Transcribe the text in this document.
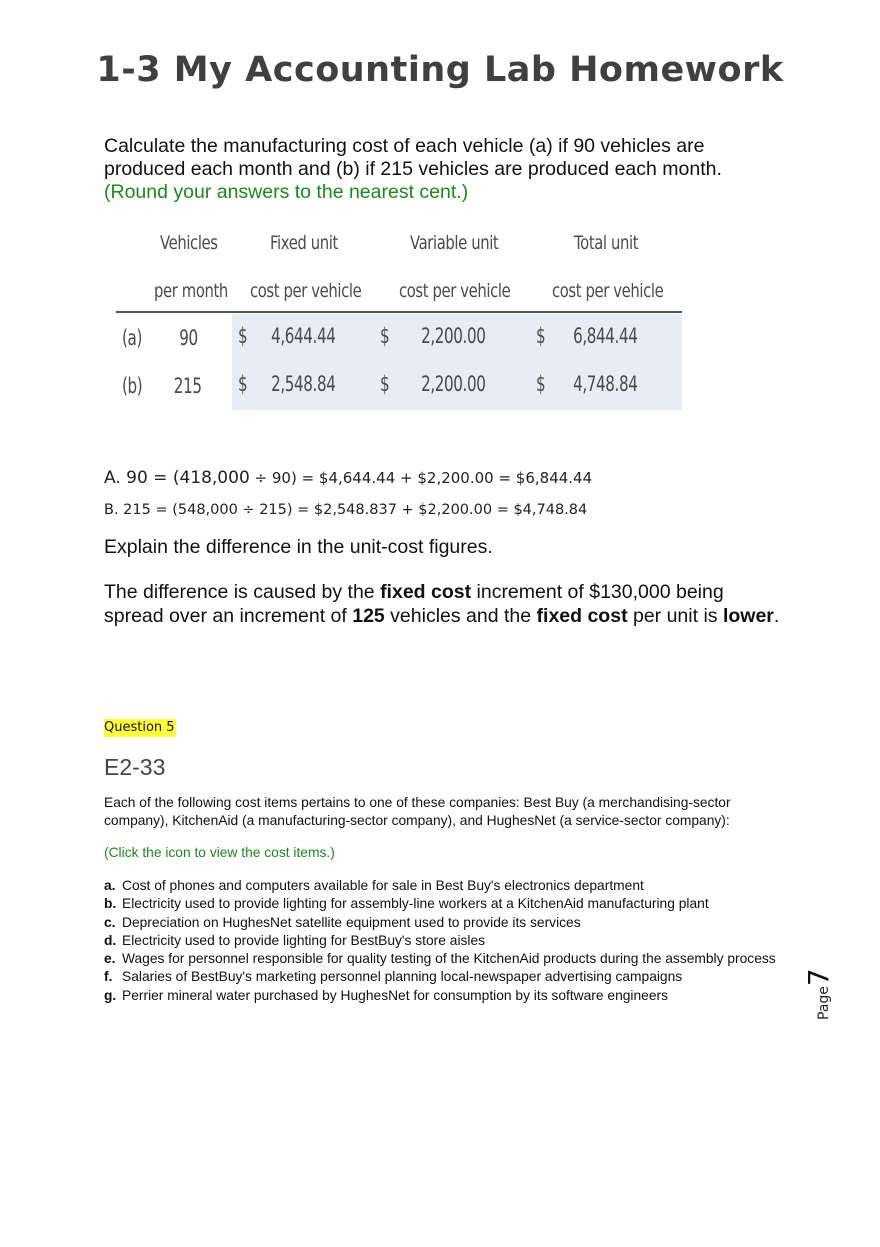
1-3 My Accounting Lab Homework
Calculate the manufacturing cost of each vehicle (a) if 90 vehicles are produced each month and (b) if 215 vehicles are produced each month.
(Round your answers to the nearest cent.)
Vehicles
per month
Fixed unit
cost per vehicle
Variable unit
cost per vehicle
Total unit
cost per vehicle
(a) 90 $ 4,644.44 $ 2,200.00 $ 6,844.44
(b) 215 $ 2,548.84 $ 2,200.00 $ 4,748.84
A. 90 = (418,000 ÷ 90) = $4,644.44 + $2,200.00 = $6,844.44
B. 215 = (548,000 ÷ 215) = $2,548.837 + $2,200.00 = $4,748.84
Explain the difference in the unit-cost figures.

The difference is caused by the fixed cost increment of $130,000 being spread over an increment of 125 vehicles and the fixed cost per unit is lower.

Question 5
E2-33

Each of the following cost items pertains to one of these companies: Best Buy (a merchandising-sector company), KitchenAid (a manufacturing-sector company), and HughesNet (a service-sector company):

(Click the icon to view the cost items.)

a. Cost of phones and computers available for sale in Best Buy's electronics department
b. Electricity used to provide lighting for assembly-line workers at a KitchenAid manufacturing plant
c. Depreciation on HughesNet satellite equipment used to provide its services
d. Electricity used to provide lighting for BestBuy's store aisles
e. Wages for personnel responsible for quality testing of the KitchenAid products during the assembly process
f. Salaries of BestBuy's marketing personnel planning local-newspaper advertising campaigns
g. Perrier mineral water purchased by HughesNet for consumption by its software engineers	Page7
